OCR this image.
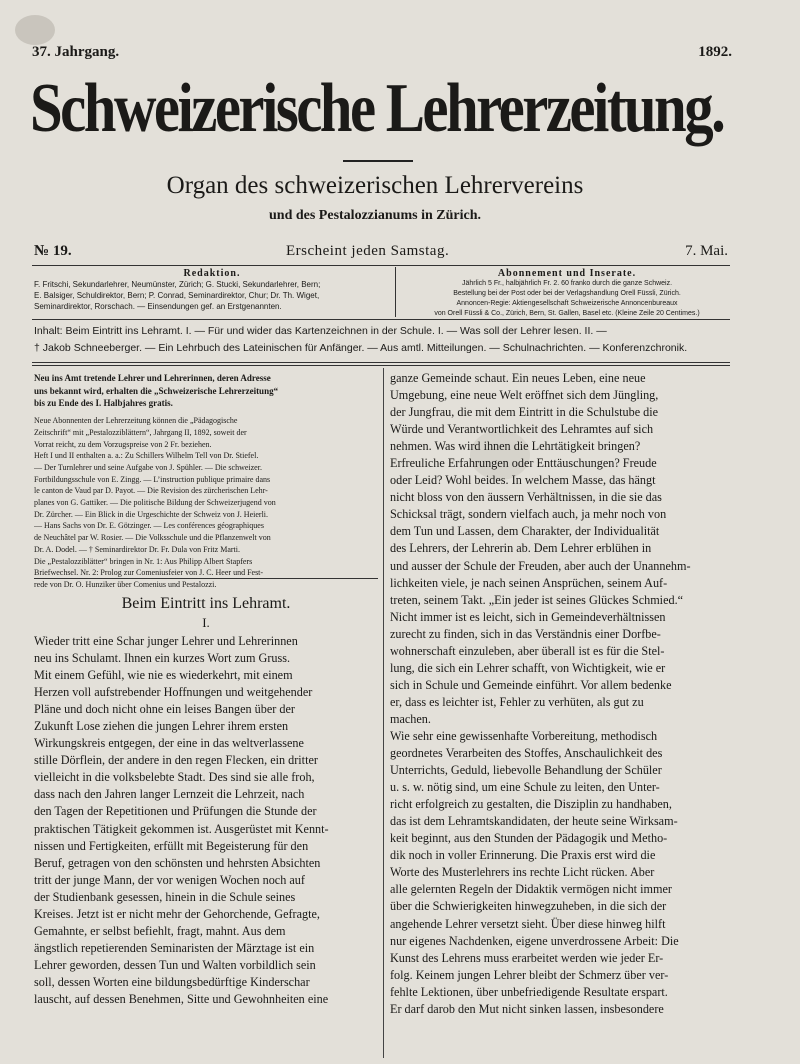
37. Jahrgang.	1892.
Schweizerische Lehrerzeitung.
Organ des schweizerischen Lehrervereins
und des Pestalozzianums in Zürich.
№ 19.	Erscheint jeden Samstag.	7. Mai.
Redaktion.
F. Fritschi, Sekundarlehrer, Neumünster, Zürich; G. Stucki, Sekundarlehrer, Bern;
E. Balsiger, Schuldirektor, Bern; P. Conrad, Seminardirektor, Chur; Dr. Th. Wiget,
Seminardirektor, Rorschach. — Einsendungen gef. an Erstgenannten.
Abonnement und Inserate.
Jährlich 5 Fr., halbjährlich Fr. 2. 60 franko durch die ganze Schweiz.
Bestellung bei der Post oder bei der Verlagshandlung Orell Füssli, Zürich.
Annoncen-Regie: Aktiengesellschaft Schweizerische Annoncenbureaux
von Orell Füssli & Co., Zürich, Bern, St. Gallen, Basel etc. (Kleine Zeile 20 Centimes.)
Inhalt: Beim Eintritt ins Lehramt. I. — Für und wider das Kartenzeichnen in der Schule. I. — Was soll der Lehrer lesen. II. —
† Jakob Schneeberger. — Ein Lehrbuch des Lateinischen für Anfänger. — Aus amtl. Mitteilungen. — Schulnachrichten. — Konferenzchronik.
Neu ins Amt tretende Lehrer und Lehrerinnen, deren Adresse
uns bekannt wird, erhalten die „Schweizerische Lehrerzeitung“
bis zu Ende des I. Halbjahres gratis.
Neue Abonnenten der Lehrerzeitung können die „Pädagogische
Zeitschrift“ mit „Pestalozziblättern“, Jahrgang II, 1892, soweit der
Vorrat reicht, zu dem Vorzugspreise von 2 Fr. beziehen.
Heft I und II enthalten a. a.: Zu Schillers Wilhelm Tell von Dr. Stiefel.
— Der Turnlehrer und seine Aufgabe von J. Spühler. — Die schweizer.
Fortbildungsschule von E. Zingg. — L’instruction publique primaire dans
le canton de Vaud par D. Payot. — Die Revision des zürcherischen Lehr-
planes von G. Gattiker. — Die politische Bildung der Schweizerjugend von
Dr. Zürcher. — Ein Blick in die Urgeschichte der Schweiz von J. Heierli.
— Hans Sachs von Dr. E. Götzinger. — Les conférences géographiques
de Neuchâtel par W. Rosier. — Die Volksschule und die Pflanzenwelt von
Dr. A. Dodel. — † Seminardirektor Dr. Fr. Dula von Fritz Marti.
Die „Pestalozziblätter“ bringen in Nr. 1: Aus Philipp Albert Stapfers
Briefwechsel. Nr. 2: Prolog zur Comeniusfeier von J. C. Heer und Fest-
rede von Dr. O. Hunziker über Comenius und Pestalozzi.
Beim Eintritt ins Lehramt.
I.
Wieder tritt eine Schar junger Lehrer und Lehrerinnen
neu ins Schulamt. Ihnen ein kurzes Wort zum Gruss.
Mit einem Gefühl, wie nie es wiederkehrt, mit einem
Herzen voll aufstrebender Hoffnungen und weitgehender
Pläne und doch nicht ohne ein leises Bangen über der
Zukunft Lose ziehen die jungen Lehrer ihrem ersten
Wirkungskreis entgegen, der eine in das weltverlassene
stille Dörflein, der andere in den regen Flecken, ein dritter
vielleicht in die volksbelebte Stadt. Des sind sie alle froh,
dass nach den Jahren langer Lernzeit die Lehrzeit, nach
den Tagen der Repetitionen und Prüfungen die Stunde der
praktischen Tätigkeit gekommen ist. Ausgerüstet mit Kennt-
nissen und Fertigkeiten, erfüllt mit Begeisterung für den
Beruf, getragen von den schönsten und hehrsten Absichten
tritt der junge Mann, der vor wenigen Wochen noch auf
der Studienbank gesessen, hinein in die Schule seines
Kreises. Jetzt ist er nicht mehr der Gehorchende, Gefragte,
Gemahnte, er selbst befiehlt, fragt, mahnt. Aus dem
ängstlich repetierenden Seminaristen der Märztage ist ein
Lehrer geworden, dessen Tun und Walten vorbildlich sein
soll, dessen Worten eine bildungsbedürftige Kinderschar
lauscht, auf dessen Benehmen, Sitte und Gewohnheiten eine
ganze Gemeinde schaut. Ein neues Leben, eine neue
Umgebung, eine neue Welt eröffnet sich dem Jüngling,
der Jungfrau, die mit dem Eintritt in die Schulstube die
Würde und Verantwortlichkeit des Lehramtes auf sich
nehmen. Was wird ihnen die Lehrtätigkeit bringen?
Erfreuliche Erfahrungen oder Enttäuschungen? Freude
oder Leid? Wohl beides. In welchem Masse, das hängt
nicht bloss von den äussern Verhältnissen, in die sie das
Schicksal trägt, sondern vielfach auch, ja mehr noch von
dem Tun und Lassen, dem Charakter, der Individualität
des Lehrers, der Lehrerin ab. Dem Lehrer erblühen in
und ausser der Schule der Freuden, aber auch der Unannehm-
lichkeiten viele, je nach seinen Ansprüchen, seinem Auf-
treten, seinem Takt. „Ein jeder ist seines Glückes Schmied.“
Nicht immer ist es leicht, sich in Gemeindeverhältnissen
zurecht zu finden, sich in das Verständnis einer Dorfbe-
wohnerschaft einzuleben, aber überall ist es für die Stel-
lung, die sich ein Lehrer schafft, von Wichtigkeit, wie er
sich in Schule und Gemeinde einführt. Vor allem bedenke
er, dass es leichter ist, Fehler zu verhüten, als gut zu
machen.
Wie sehr eine gewissenhafte Vorbereitung, methodisch
geordnetes Verarbeiten des Stoffes, Anschaulichkeit des
Unterrichts, Geduld, liebevolle Behandlung der Schüler
u. s. w. nötig sind, um eine Schule zu leiten, den Unter-
richt erfolgreich zu gestalten, die Disziplin zu handhaben,
das ist dem Lehramtskandidaten, der heute seine Wirksam-
keit beginnt, aus den Stunden der Pädagogik und Metho-
dik noch in voller Erinnerung. Die Praxis erst wird die
Worte des Musterlehrers ins rechte Licht rücken. Aber
alle gelernten Regeln der Didaktik vermögen nicht immer
über die Schwierigkeiten hinwegzuheben, in die sich der
angehende Lehrer versetzt sieht. Über diese hinweg hilft
nur eigenes Nachdenken, eigene unverdrossene Arbeit: Die
Kunst des Lehrens muss erarbeitet werden wie jeder Er-
folg. Keinem jungen Lehrer bleibt der Schmerz über ver-
fehlte Lektionen, über unbefriedigende Resultate erspart.
Er darf darob den Mut nicht sinken lassen, insbesondere
